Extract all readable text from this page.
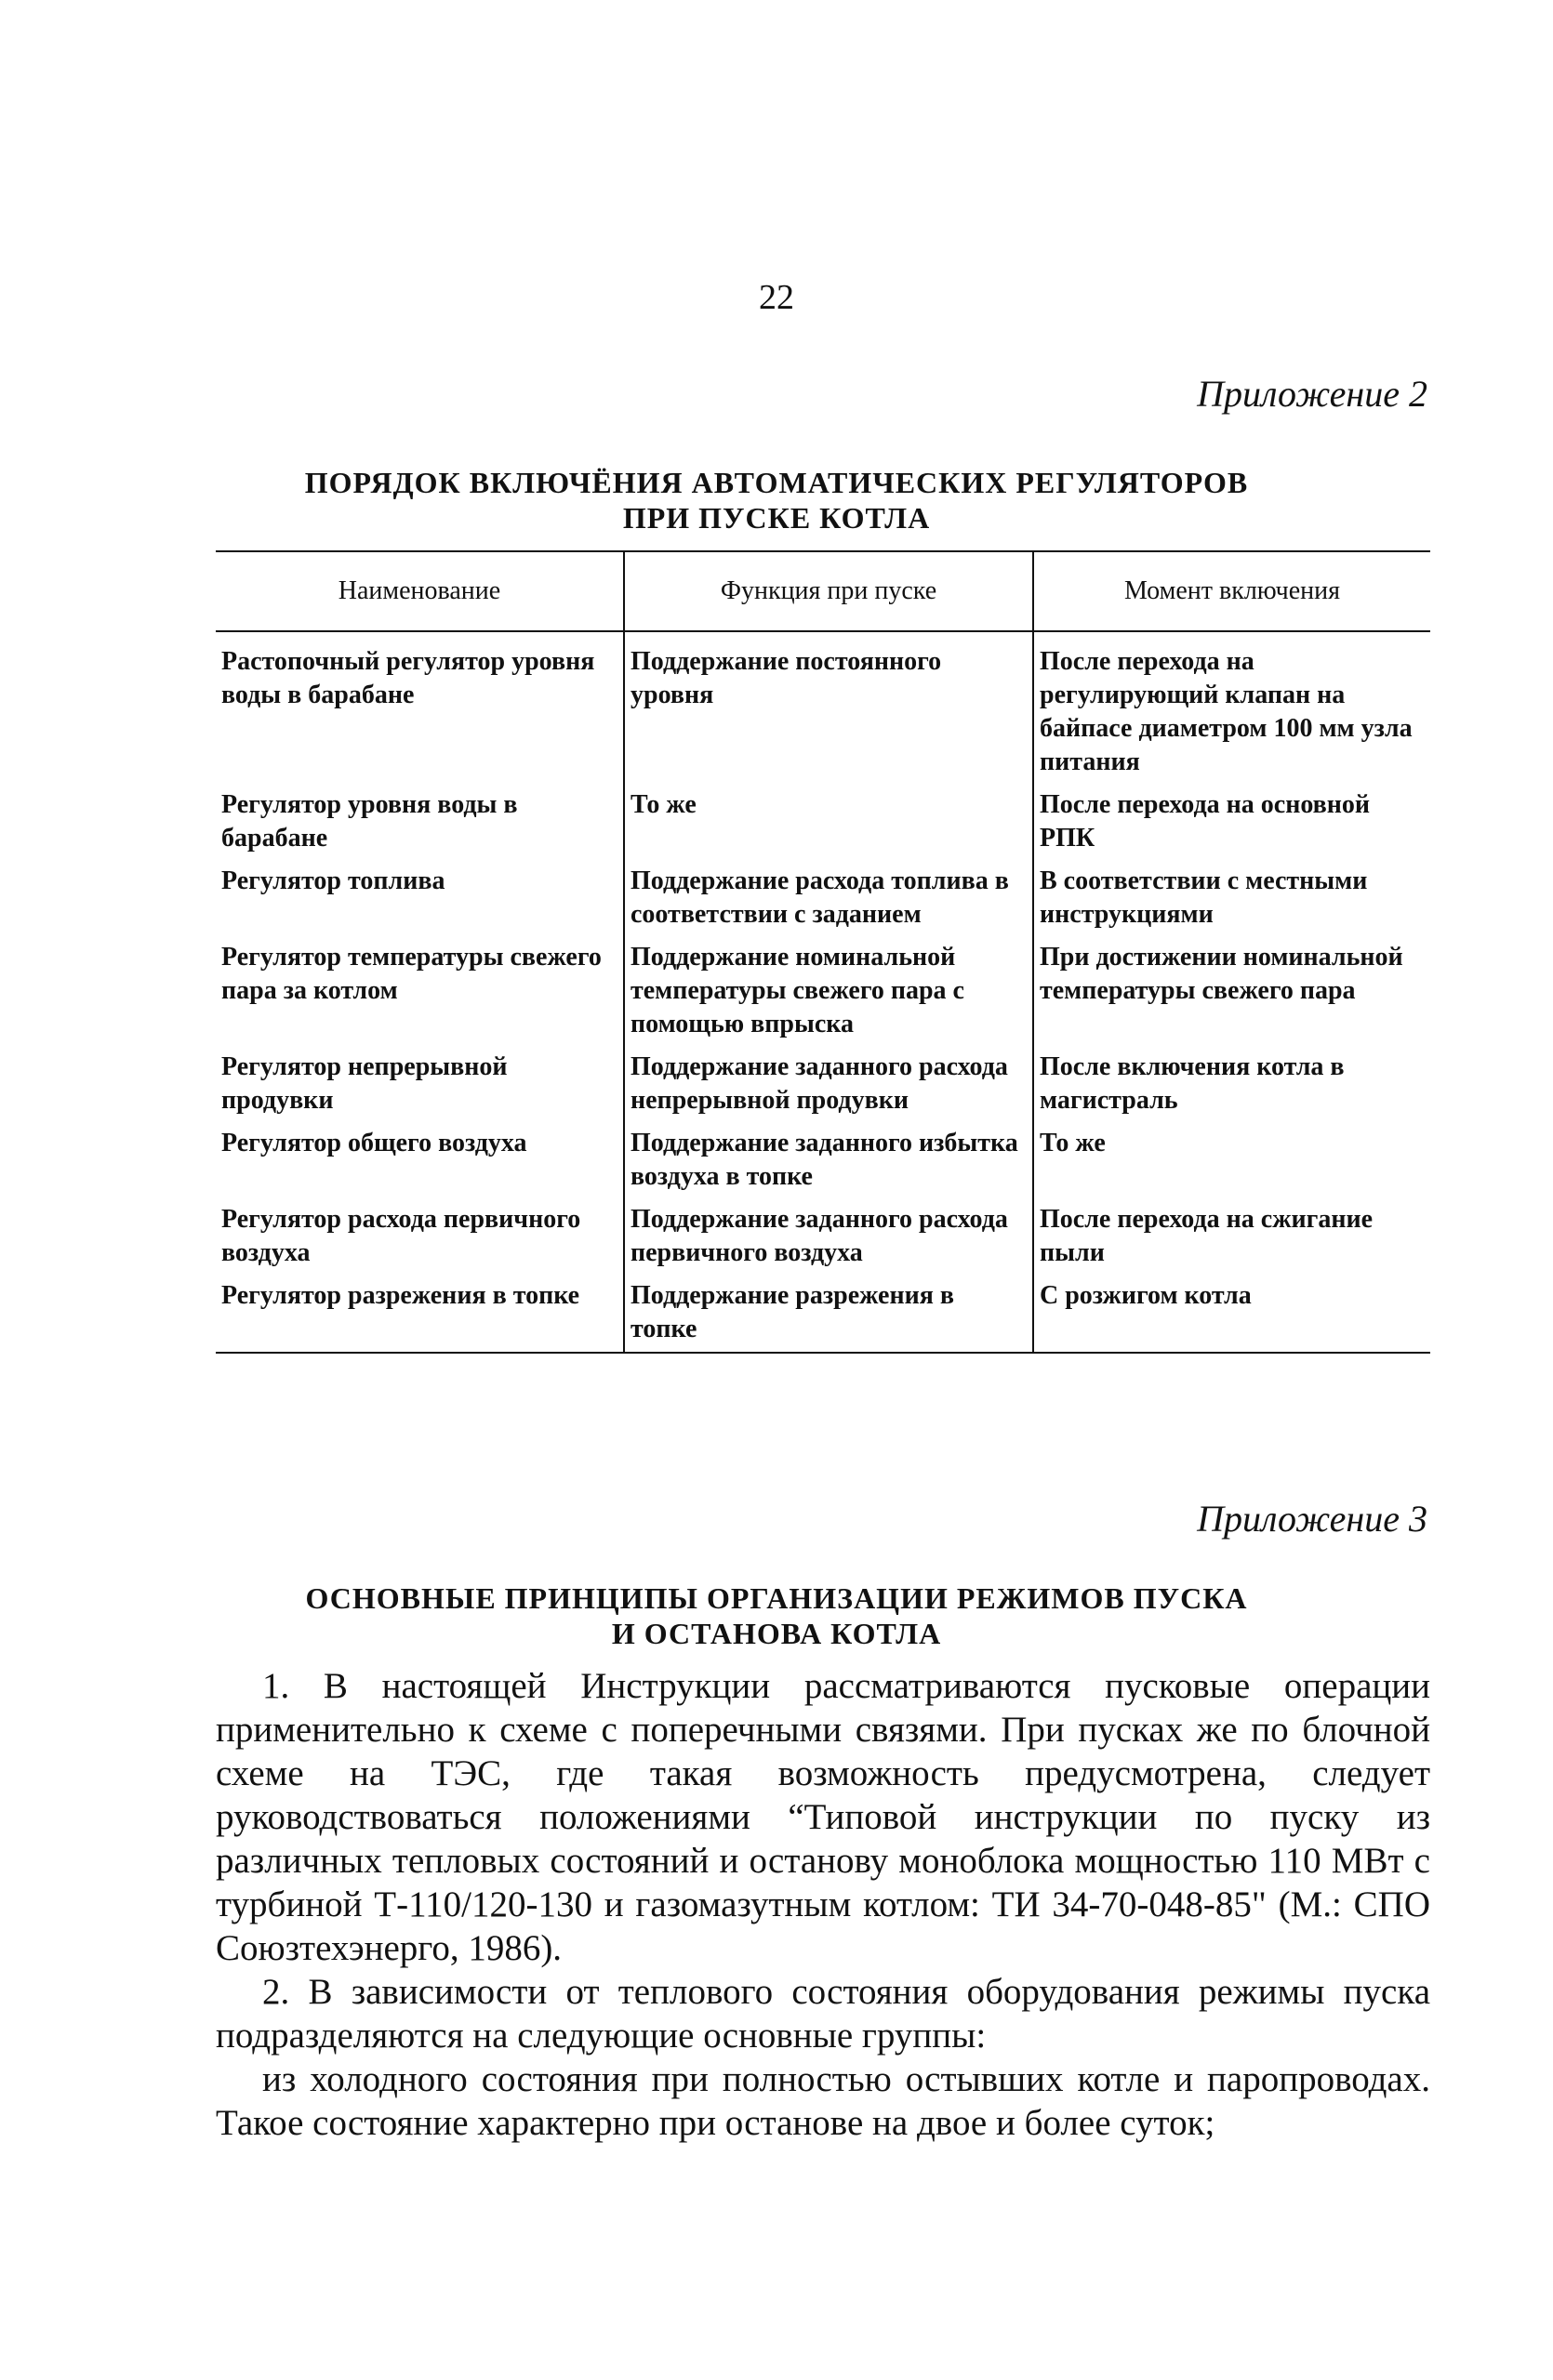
22
Приложение 2
ПОРЯДОК ВКЛЮЧЁНИЯ АВТОМАТИЧЕСКИХ РЕГУЛЯТОРОВ
ПРИ ПУСКЕ КОТЛА
Наименование	Функция при пуске	Момент включения
Растопочный регулятор уровня воды в барабане	Поддержание постоянного уровня	После перехода на регулирующий клапан на байпасе диаметром 100 мм узла питания
Регулятор уровня воды в барабане	То же	После перехода на основной РПК
Регулятор топлива	Поддержание расхода топлива в соответствии с заданием	В соответствии с местными инструкциями
Регулятор температуры свежего пара за котлом	Поддержание номинальной температуры свежего пара с помощью впрыска	При достижении номинальной температуры свежего пара
Регулятор непрерывной продувки	Поддержание заданного расхода непрерывной продувки	После включения котла в магистраль
Регулятор общего воздуха	Поддержание заданного избытка воздуха в топке	То же
Регулятор расхода первичного воздуха	Поддержание заданного расхода первичного воздуха	После перехода на сжигание пыли
Регулятор разрежения в топке	Поддержание разрежения в топке	С розжигом котла
Приложение 3
ОСНОВНЫЕ ПРИНЦИПЫ ОРГАНИЗАЦИИ РЕЖИМОВ ПУСКА
И ОСТАНОВА КОТЛА

1. В настоящей Инструкции рассматриваются пусковые операции применительно к схеме с поперечными связями. При пусках же по блочной схеме на ТЭС, где такая возможность предусмотрена, следует руководствоваться положениями “Типовой инструкции по пуску из различных тепловых состояний и останову моноблока мощностью 110 МВт с турбиной Т-110/120-130 и газомазутным котлом: ТИ 34-70-048-85" (М.: СПО Союзтехэнерго, 1986).

2. В зависимости от теплового состояния оборудования режимы пуска подразделяются на следующие основные группы:

из холодного состояния при полностью остывших котле и паропроводах. Такое состояние характерно при останове на двое и более суток;
